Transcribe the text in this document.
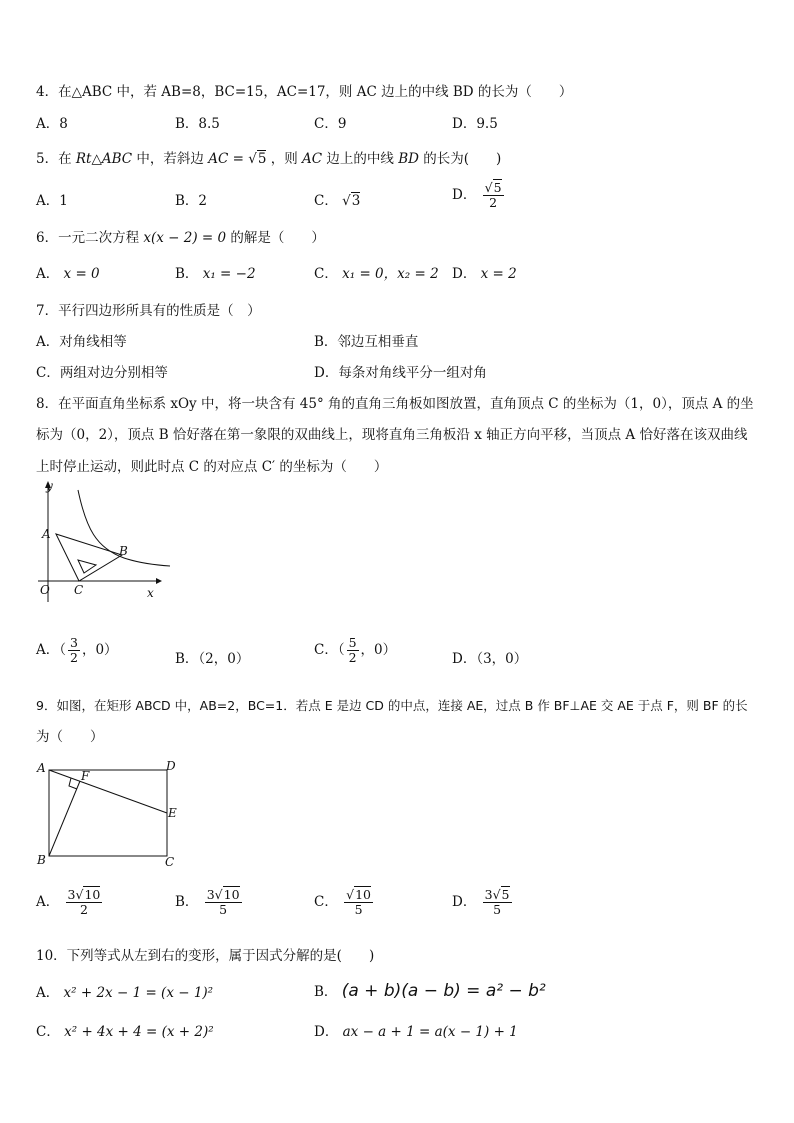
4．在△ABC 中，若 AB=8，BC=15，AC=17，则 AC 边上的中线 BD 的长为（　　）
A．8	B．8.5	C．9	D．9.5
5．在 Rt△ABC 中，若斜边 AC = √5 ，则 AC 边上的中线 BD 的长为(　　)
A．1	B．2	C． √3	D． $\frac{√5}{2}$
6．一元二次方程 x(x − 2) = 0 的解是（　　）
A． x = 0	B． x₁ = −2	C． x₁ = 0，x₂ = 2 D． x = 2
7．平行四边形所具有的性质是（　）
A．对角线相等	B．邻边互相垂直
C．两组对边分别相等	D．每条对角线平分一组对角
8．在平面直角坐标系 xOy 中，将一块含有 45° 角的直角三角板如图放置，直角顶点 C 的坐标为（1，0），顶点 A 的坐
标为（0，2），顶点 B 恰好落在第一象限的双曲线上，现将直角三角板沿 x 轴正方向平移，当顶点 A 恰好落在该双曲线
上时停止运动，则此时点 C 的对应点 C′ 的坐标为（　　）
y
A
B
O C	x
A．（ $\frac{3}{2}$ ，0）
B．（2，0）
C．（ $\frac{5}{2}$ ，0）
D．（3，0）
9．如图，在矩形 ABCD 中，AB=2，BC=1．若点 E 是边 CD 的中点，连接 AE，过点 B 作 BF⊥AE 交 AE 于点 F，则 BF 的长
为（　　）
A	D
F
E
B	C
A． $\frac{3√10}{2}$	B． $\frac{3√10}{5}$	C． $\frac{√10}{5}$	D． $\frac{3√5}{5}$
10．下列等式从左到右的变形，属于因式分解的是(　　)
A． x² + 2x − 1 = (x − 1)²	B． (a + b)(a − b) = a² − b²
C． x² + 4x + 4 = (x + 2)²	D． ax − a + 1 = a(x − 1) + 1
